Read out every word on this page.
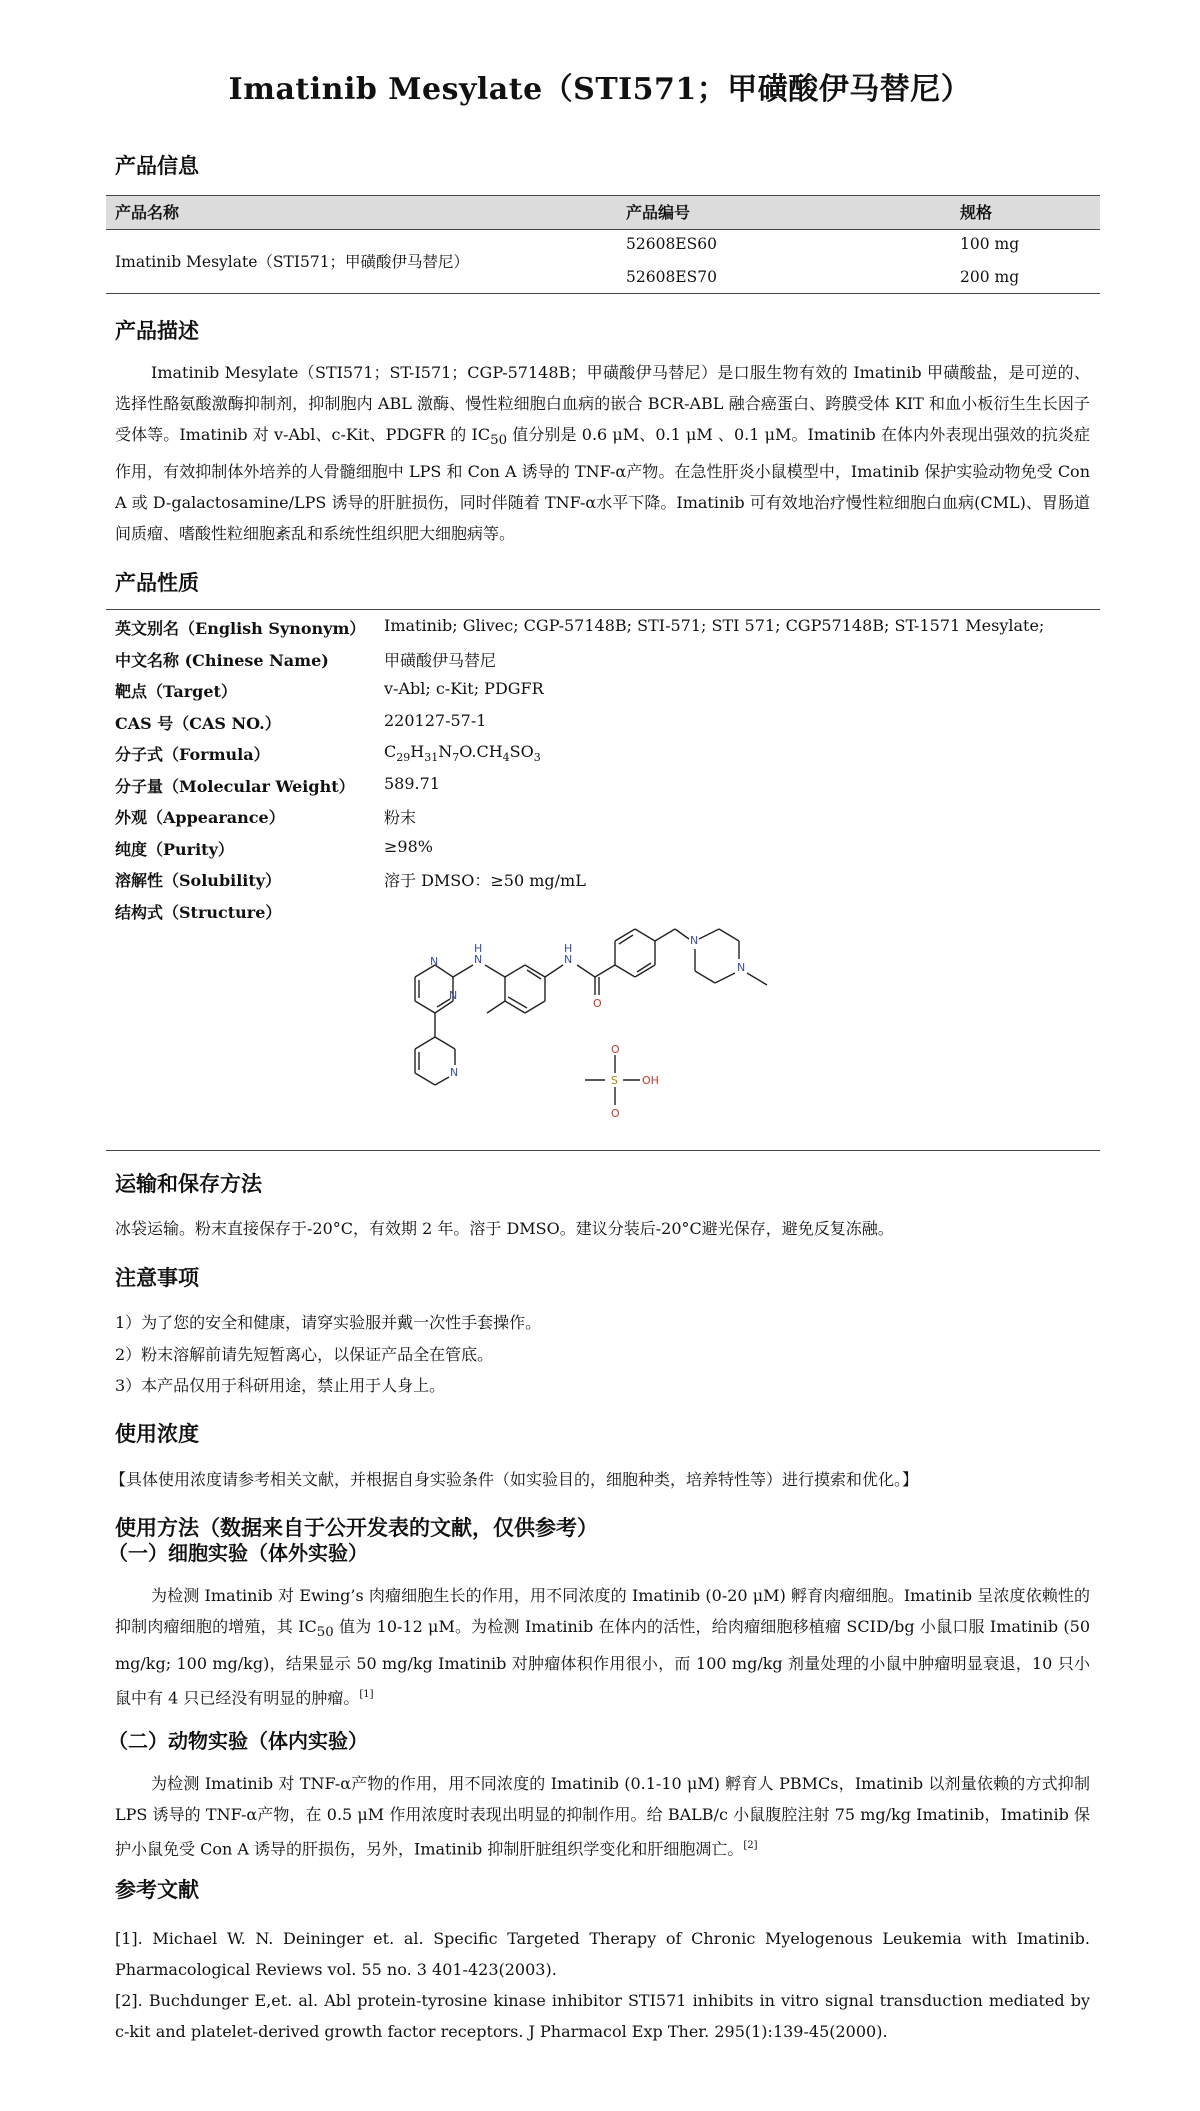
Imatinib Mesylate（STI571；甲磺酸伊马替尼）
产品信息
产品名称	产品编号	规格
Imatinib Mesylate（STI571；甲磺酸伊马替尼）
52608ES60	100 mg
52608ES70	200 mg
产品描述
Imatinib Mesylate（STI571；ST-I571；CGP-57148B；甲磺酸伊马替尼）是口服生物有效的 Imatinib 甲磺酸盐，是可逆的、选择性酪氨酸激酶抑制剂，抑制胞内 ABL 激酶、慢性粒细胞白血病的嵌合 BCR-ABL 融合癌蛋白、跨膜受体 KIT 和血小板衍生生长因子受体等。Imatinib 对 v-Abl、c-Kit、PDGFR 的 $IC_{50}$ 值分别是 0.6 μM、0.1 μM 、0.1 μM。Imatinib 在体内外表现出强效的抗炎症作用，有效抑制体外培养的人骨髓细胞中 LPS 和 Con A 诱导的 TNF-α产物。在急性肝炎小鼠模型中，Imatinib 保护实验动物免受 Con A 或 D-galactosamine/LPS 诱导的肝脏损伤，同时伴随着 TNF-α水平下降。Imatinib 可有效地治疗慢性粒细胞白血病(CML)、胃肠道间质瘤、嗜酸性粒细胞紊乱和系统性组织肥大细胞病等。
产品性质
英文别名（English Synonym） Imatinib; Glivec; CGP-57148B; STI-571; STI 571; CGP57148B; ST-1571 Mesylate;
中文名称 (Chinese Name)	甲磺酸伊马替尼
靶点（Target）	v-Abl; c-Kit; PDGFR
CAS 号（CAS NO.）	220127-57-1
分子式（Formula）	$C_{29}H_{31}N_7O.CH_4SO_3$
分子量（Molecular Weight） 589.71
外观（Appearance）	粉末
纯度（Purity）	≥98%
溶解性（Solubility）	溶于 DMSO：≥50 mg/mL
结构式（Structure）
N
N
N
H
N
H
N
N
N
O
O
O
OH
S
运输和保存方法
冰袋运输。粉末直接保存于-20°C，有效期 2 年。溶于 DMSO。建议分装后-20°C避光保存，避免反复冻融。
注意事项
1）为了您的安全和健康，请穿实验服并戴一次性手套操作。
2）粉末溶解前请先短暂离心，以保证产品全在管底。
3）本产品仅用于科研用途，禁止用于人身上。
使用浓度
【具体使用浓度请参考相关文献，并根据自身实验条件（如实验目的，细胞种类，培养特性等）进行摸索和优化。】
使用方法（数据来自于公开发表的文献，仅供参考）
（一）细胞实验（体外实验）
为检测 Imatinib 对 Ewing’s 肉瘤细胞生长的作用，用不同浓度的 Imatinib (0-20 μM) 孵育肉瘤细胞。Imatinib 呈浓度依赖性的抑制肉瘤细胞的增殖，其 $IC_{50}$ 值为 10-12 μM。为检测 Imatinib 在体内的活性，给肉瘤细胞移植瘤 SCID/bg 小鼠口服 Imatinib (50 mg/kg; 100 mg/kg)，结果显示 50 mg/kg Imatinib 对肿瘤体积作用很小，而 100 mg/kg 剂量处理的小鼠中肿瘤明显衰退，10 只小鼠中有 4 只已经没有明显的肿瘤。[1]
（二）动物实验（体内实验）
为检测 Imatinib 对 TNF-α产物的作用，用不同浓度的 Imatinib (0.1-10 μM) 孵育人 PBMCs，Imatinib 以剂量依赖的方式抑制 LPS 诱导的 TNF-α产物，在 0.5 μM 作用浓度时表现出明显的抑制作用。给 BALB/c 小鼠腹腔注射 75 mg/kg Imatinib，Imatinib 保护小鼠免受 Con A 诱导的肝损伤，另外，Imatinib 抑制肝脏组织学变化和肝细胞凋亡。[2]
参考文献
[1]. Michael W. N. Deininger et. al. Specific Targeted Therapy of Chronic Myelogenous Leukemia with Imatinib. Pharmacological Reviews vol. 55 no. 3 401-423(2003).
[2]. Buchdunger E,et. al. Abl protein-tyrosine kinase inhibitor STI571 inhibits in vitro signal transduction mediated by c-kit and platelet-derived growth factor receptors. J Pharmacol Exp Ther. 295(1):139-45(2000).
